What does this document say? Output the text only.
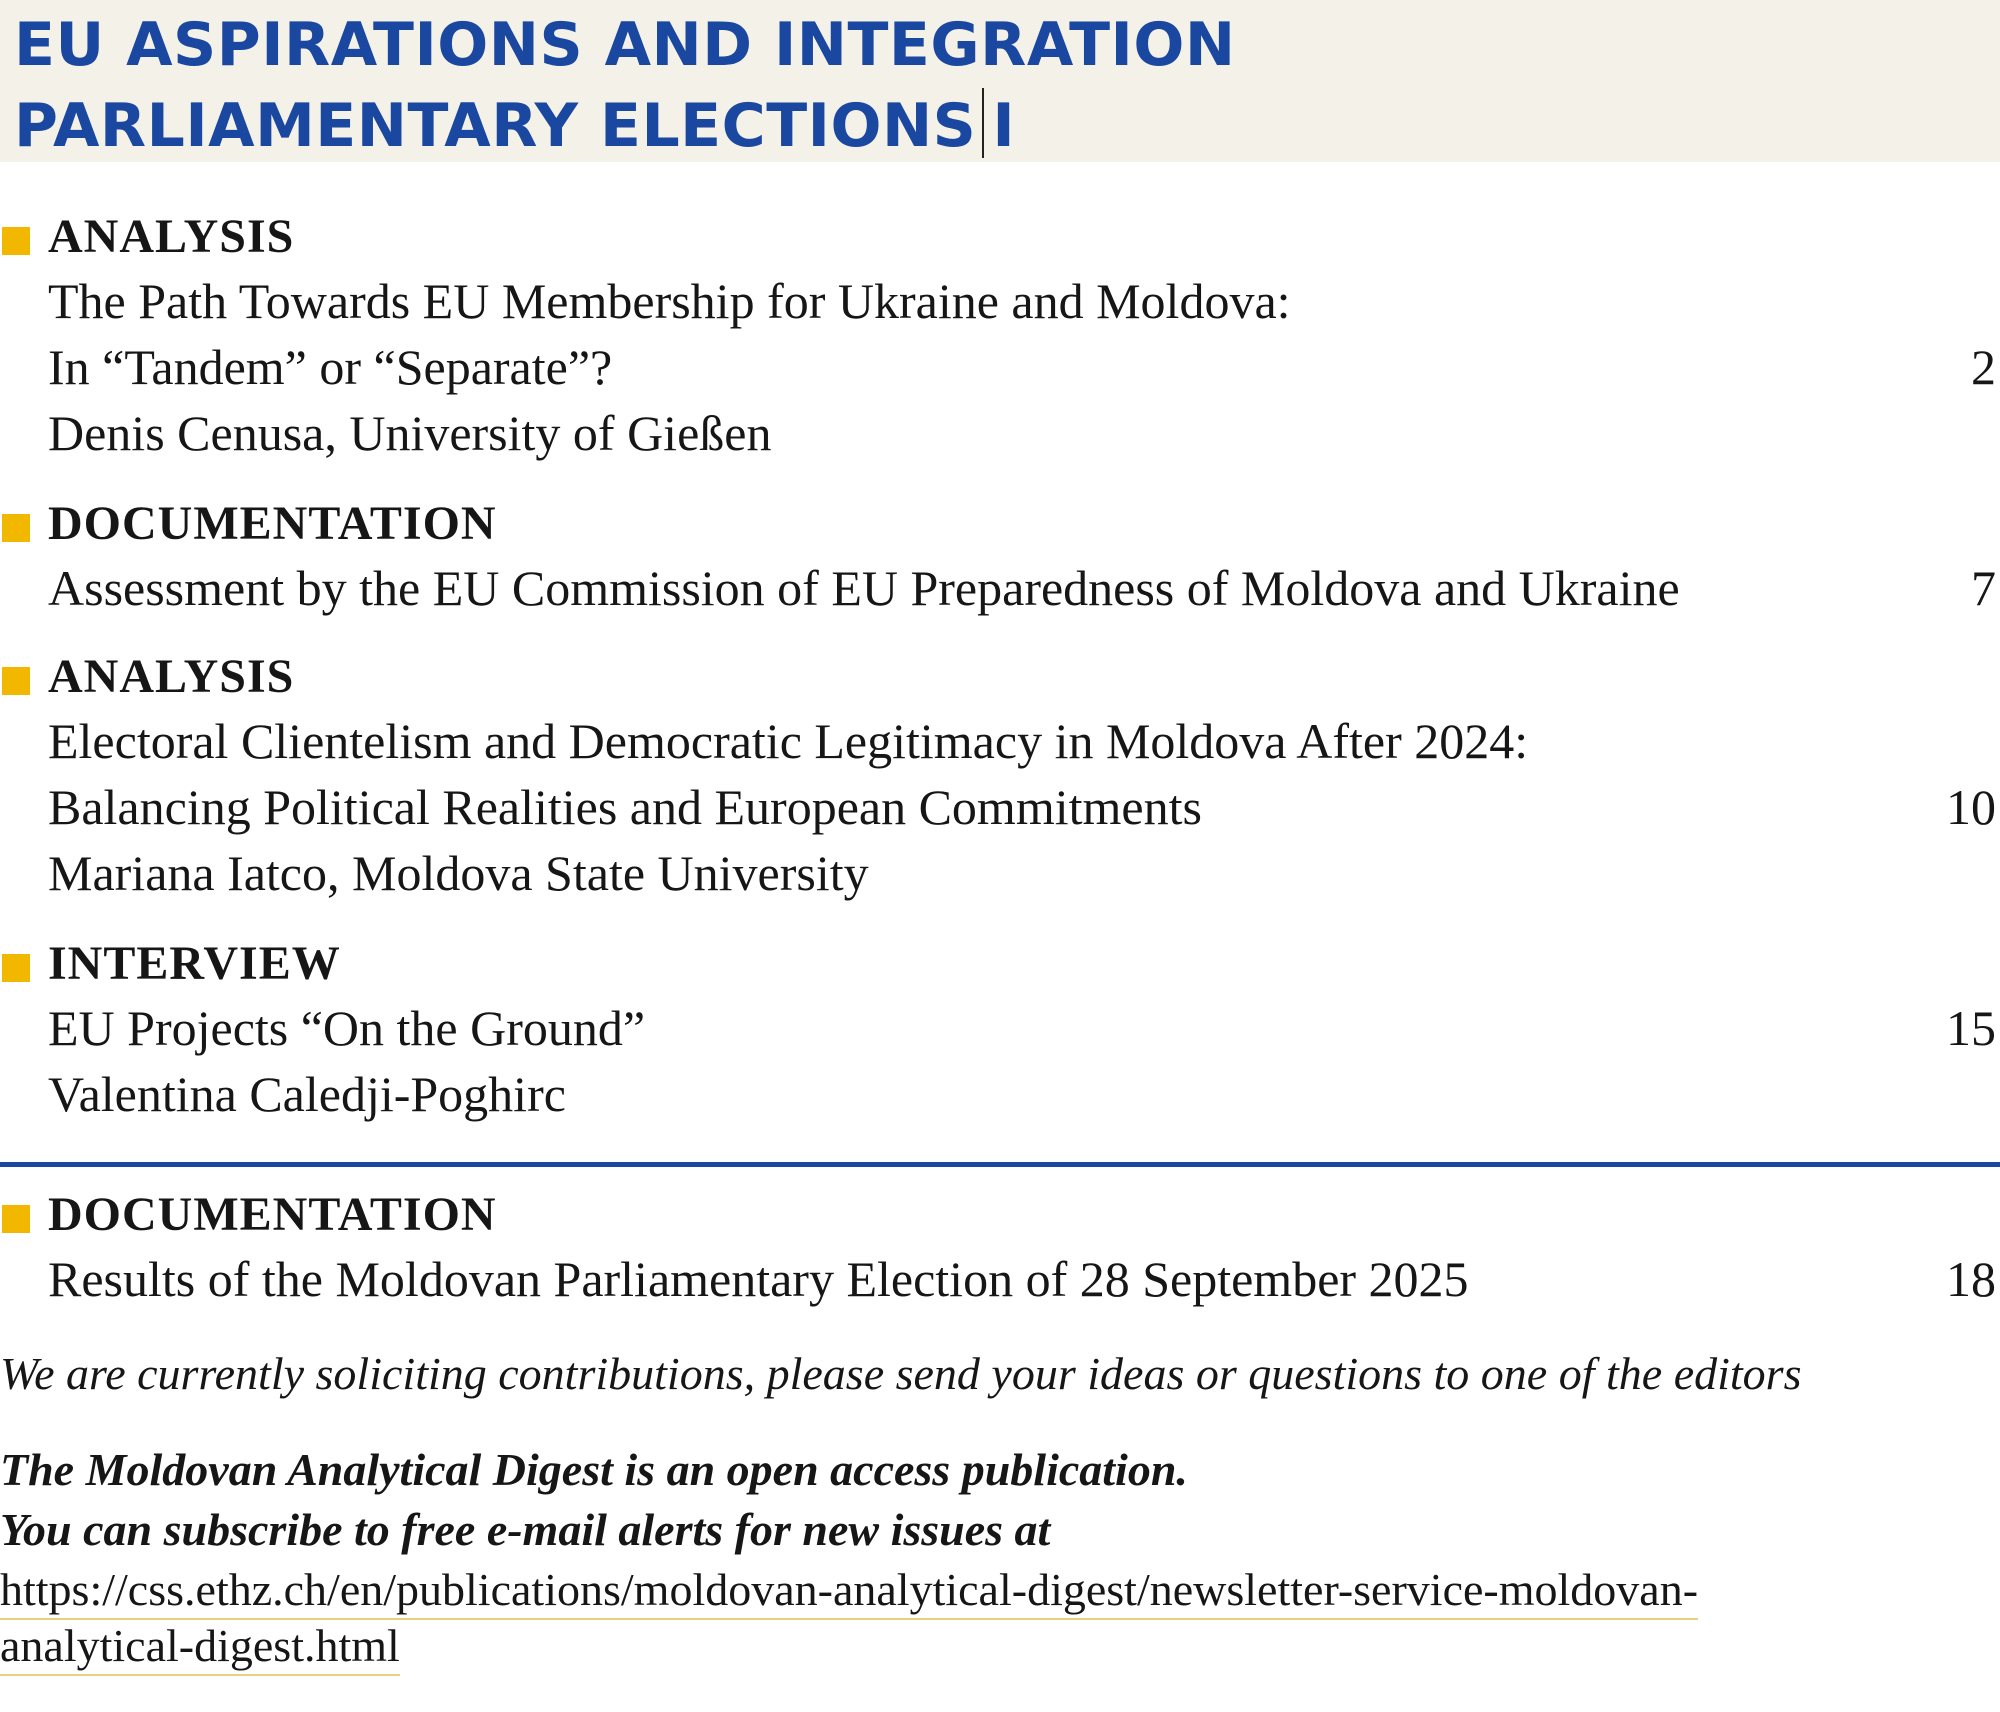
EU ASPIRATIONS AND INTEGRATION
PARLIAMENTARY ELECTIONS I
ANALYSIS
The Path Towards EU Membership for Ukraine and Moldova:
In “Tandem” or “Separate”?	2
Denis Cenusa, University of Gießen
DOCUMENTATION
Assessment by the EU Commission of EU Preparedness of Moldova and Ukraine	7
ANALYSIS
Electoral Clientelism and Democratic Legitimacy in Moldova After 2024:
Balancing Political Realities and European Commitments	10
Mariana Iatco, Moldova State University
INTERVIEW
EU Projects “On the Ground”	15
Valentina Caledji-Poghirc
DOCUMENTATION
Results of the Moldovan Parliamentary Election of 28 September 2025	18
We are currently soliciting contributions, please send your ideas or questions to one of the editors
The Moldovan Analytical Digest is an open access publication.
You can subscribe to free e-mail alerts for new issues at
https://css.ethz.ch/en/publications/moldovan-analytical-digest/newsletter-service-moldovan-
analytical-digest.html
